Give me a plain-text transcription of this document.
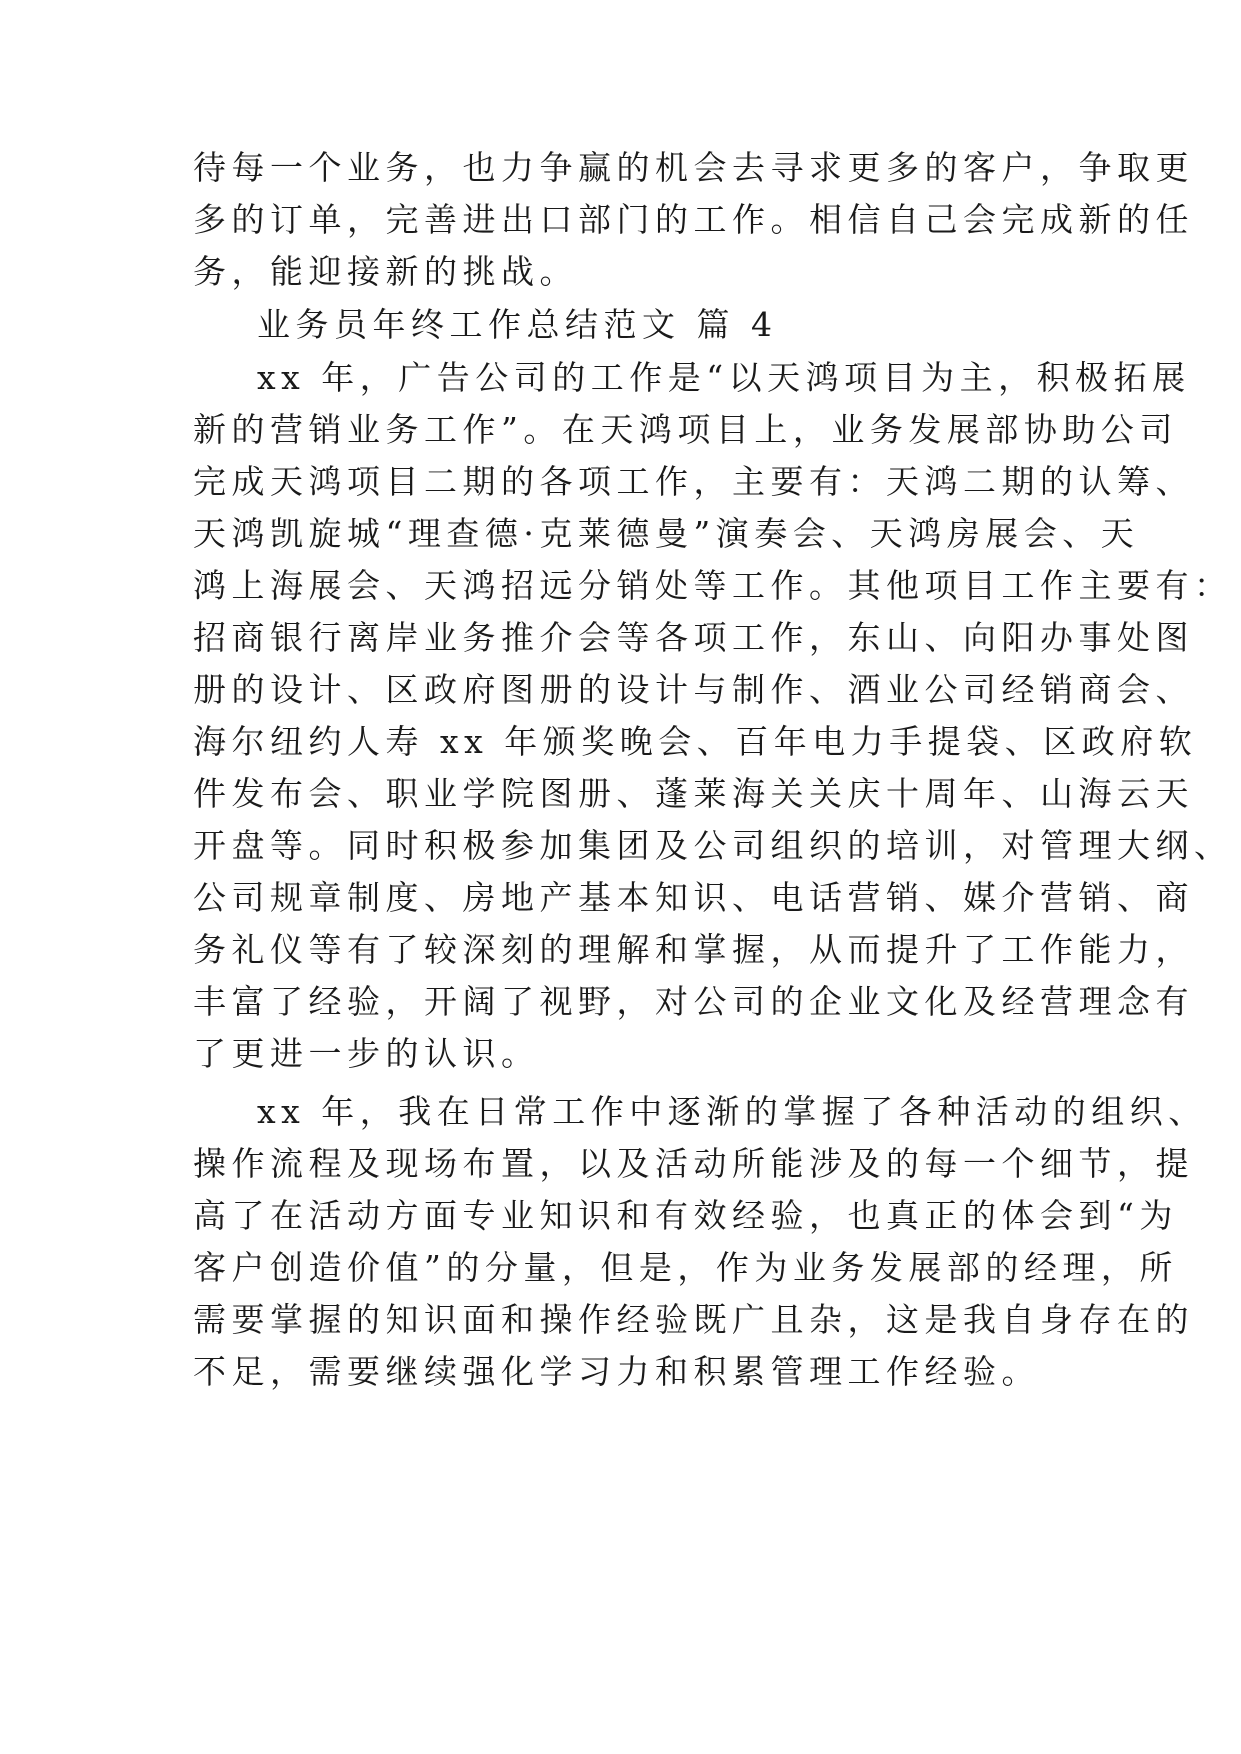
待每一个业务，也力争赢的机会去寻求更多的客户，争取更
多的订单，完善进出口部门的工作。相信自己会完成新的任
务，能迎接新的挑战。
业务员年终工作总结范文 篇 4
xx 年，广告公司的工作是“以天鸿项目为主，积极拓展
新的营销业务工作”。在天鸿项目上，业务发展部协助公司
完成天鸿项目二期的各项工作，主要有：天鸿二期的认筹、
天鸿凯旋城“理查德·克莱德曼”演奏会、天鸿房展会、天
鸿上海展会、天鸿招远分销处等工作。其他项目工作主要有：
招商银行离岸业务推介会等各项工作，东山、向阳办事处图
册的设计、区政府图册的设计与制作、酒业公司经销商会、
海尔纽约人寿 xx 年颁奖晚会、百年电力手提袋、区政府软
件发布会、职业学院图册、蓬莱海关关庆十周年、山海云天
开盘等。同时积极参加集团及公司组织的培训，对管理大纲、
公司规章制度、房地产基本知识、电话营销、媒介营销、商
务礼仪等有了较深刻的理解和掌握，从而提升了工作能力，
丰富了经验，开阔了视野，对公司的企业文化及经营理念有
了更进一步的认识。
xx 年，我在日常工作中逐渐的掌握了各种活动的组织、
操作流程及现场布置，以及活动所能涉及的每一个细节，提
高了在活动方面专业知识和有效经验，也真正的体会到“为
客户创造价值”的分量，但是，作为业务发展部的经理，所
需要掌握的知识面和操作经验既广且杂，这是我自身存在的
不足，需要继续强化学习力和积累管理工作经验。
